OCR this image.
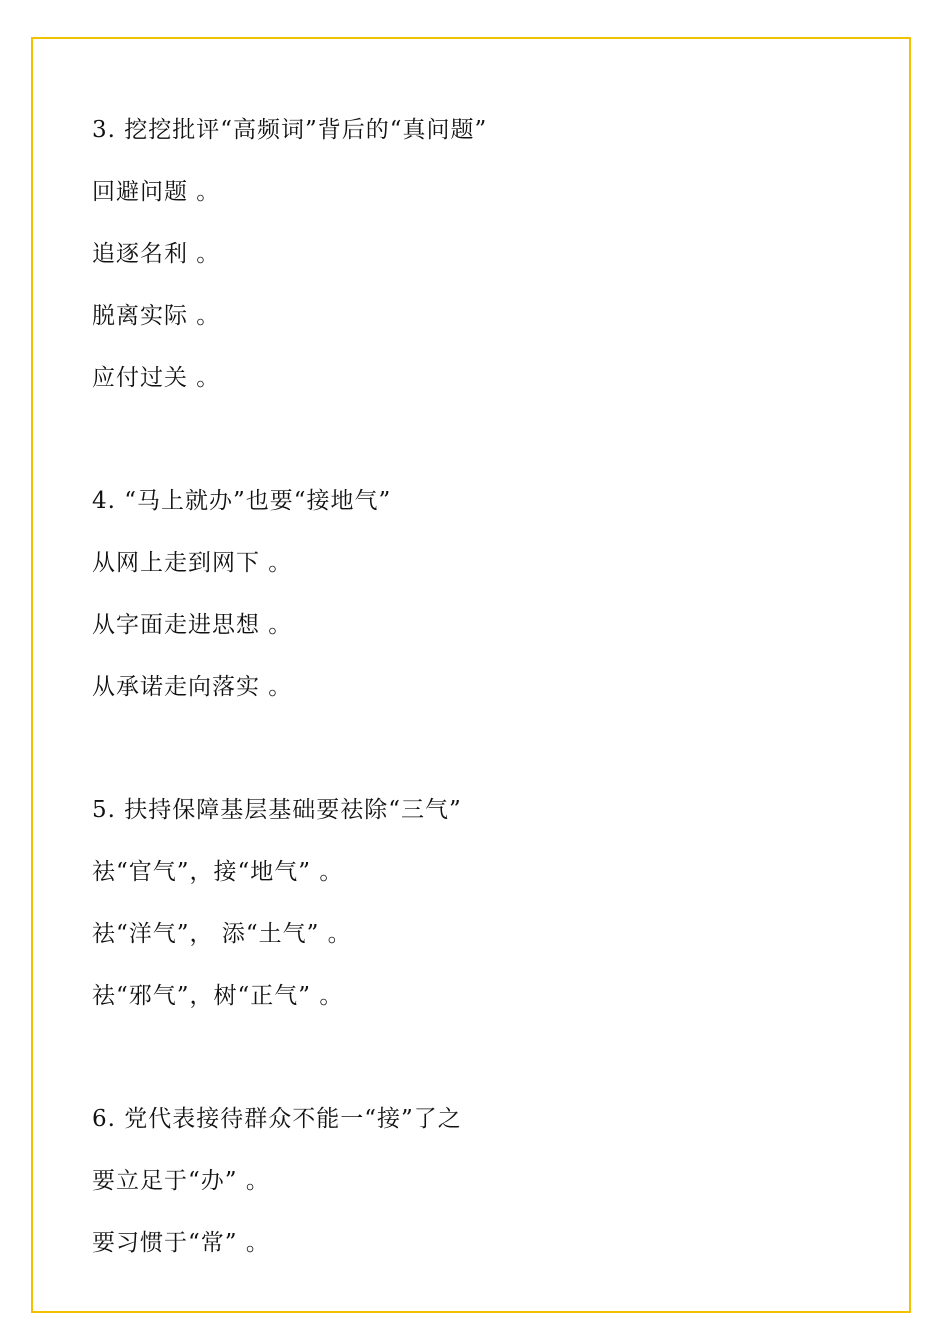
3. 挖挖批评“高频词”背后的“真问题”
回避问题 。
追逐名利 。
脱离实际 。
应付过关 。
4. “马上就办”也要“接地气”
从网上走到网下 。
从字面走进思想 。
从承诺走向落实 。
5. 扶持保障基层基础要祛除“三气”
祛“官气”，接“地气” 。
祛“洋气”， 添“土气” 。
祛“邪气”，树“正气” 。
6. 党代表接待群众不能一“接”了之
要立足于“办” 。
要习惯于“常” 。
